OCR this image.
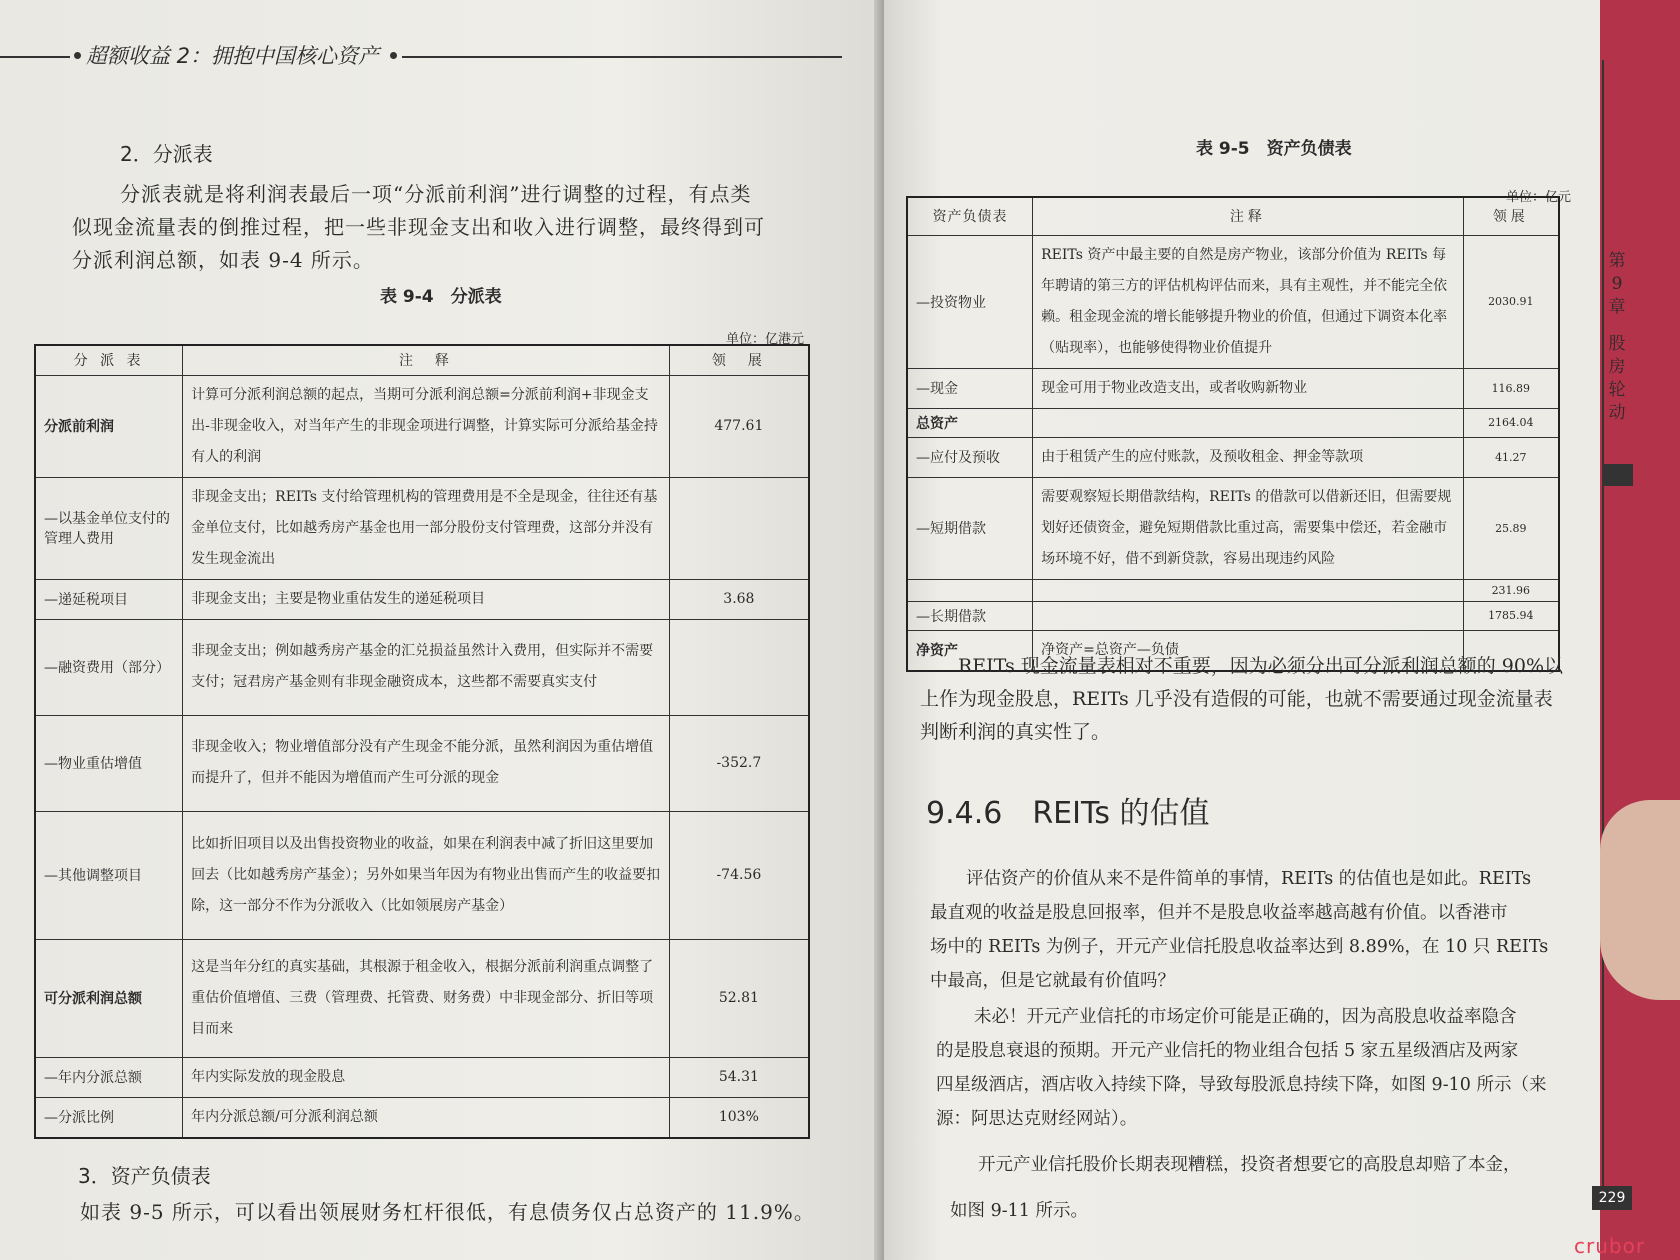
超额收益 2：拥抱中国核心资产
2．分派表
分派表就是将利润表最后一项“分派前利润”进行调整的过程，有点类
似现金流量表的倒推过程，把一些非现金支出和收入进行调整，最终得到可
分派利润总额，如表 9-4 所示。
表 9-4　分派表
单位：亿港元
分 派 表	注　释	领　展
分派前利润	计算可分派利润总额的起点，当期可分派利润总额=分派前利润+非现金支出-非现金收入，对当年产生的非现金项进行调整，计算实际可分派给基金持有人的利润	477.61
—以基金单位支付的管理人费用	非现金支出；REITs 支付给管理机构的管理费用是不全是现金，往往还有基金单位支付，比如越秀房产基金也用一部分股份支付管理费，这部分并没有发生现金流出	
—递延税项目	非现金支出；主要是物业重估发生的递延税项目	3.68
—融资费用（部分）	非现金支出；例如越秀房产基金的汇兑损益虽然计入费用，但实际并不需要支付；冠君房产基金则有非现金融资成本，这些都不需要真实支付	
—物业重估增值	非现金收入；物业增值部分没有产生现金不能分派，虽然利润因为重估增值而提升了，但并不能因为增值而产生可分派的现金	-352.7
—其他调整项目	比如折旧项目以及出售投资物业的收益，如果在利润表中减了折旧这里要加回去（比如越秀房产基金）；另外如果当年因为有物业出售而产生的收益要扣除，这一部分不作为分派收入（比如领展房产基金）	-74.56
可分派利润总额	这是当年分红的真实基础，其根源于租金收入，根据分派前利润重点调整了重估价值增值、三费（管理费、托管费、财务费）中非现金部分、折旧等项目而来	52.81
—年内分派总额	年内实际发放的现金股息	54.31
—分派比例	年内分派总额/可分派利润总额	103%
3．资产负债表
如表 9-5 所示，可以看出领展财务杠杆很低，有息债务仅占总资产的 11.9%。
表 9-5　资产负债表
单位：亿元
资产负债表	注释	领展
—投资物业	REITs 资产中最主要的自然是房产物业，该部分价值为 REITs 每年聘请的第三方的评估机构评估而来，具有主观性，并不能完全依赖。租金现金流的增长能够提升物业的价值，但通过下调资本化率（贴现率），也能够使得物业价值提升	2030.91
—现金	现金可用于物业改造支出，或者收购新物业	116.89
总资产		2164.04
—应付及预收	由于租赁产生的应付账款，及预收租金、押金等款项	41.27
—短期借款	需要观察短长期借款结构，REITs 的借款可以借新还旧，但需要规划好还债资金，避免短期借款比重过高，需要集中偿还，若金融市场环境不好，借不到新贷款，容易出现违约风险	25.89
		231.96
—长期借款		1785.94
净资产	净资产=总资产—负债	
REITs 现金流量表相对不重要，因为必须分出可分派利润总额的 90%以
上作为现金股息，REITs 几乎没有造假的可能，也就不需要通过现金流量表
判断利润的真实性了。
9.4.6　REITs 的估值
评估资产的价值从来不是件简单的事情，REITs 的估值也是如此。REITs
最直观的收益是股息回报率，但并不是股息收益率越高越有价值。以香港市
场中的 REITs 为例子，开元产业信托股息收益率达到 8.89%，在 10 只 REITs
中最高，但是它就最有价值吗？
未必！开元产业信托的市场定价可能是正确的，因为高股息收益率隐含
的是股息衰退的预期。开元产业信托的物业组合包括 5 家五星级酒店及两家
四星级酒店，酒店收入持续下降，导致每股派息持续下降，如图 9-10 所示（来
源：阿思达克财经网站）。
开元产业信托股价长期表现糟糕，投资者想要它的高股息却赔了本金，
如图 9-11 所示。
第9章
股房轮动
229
crubor
